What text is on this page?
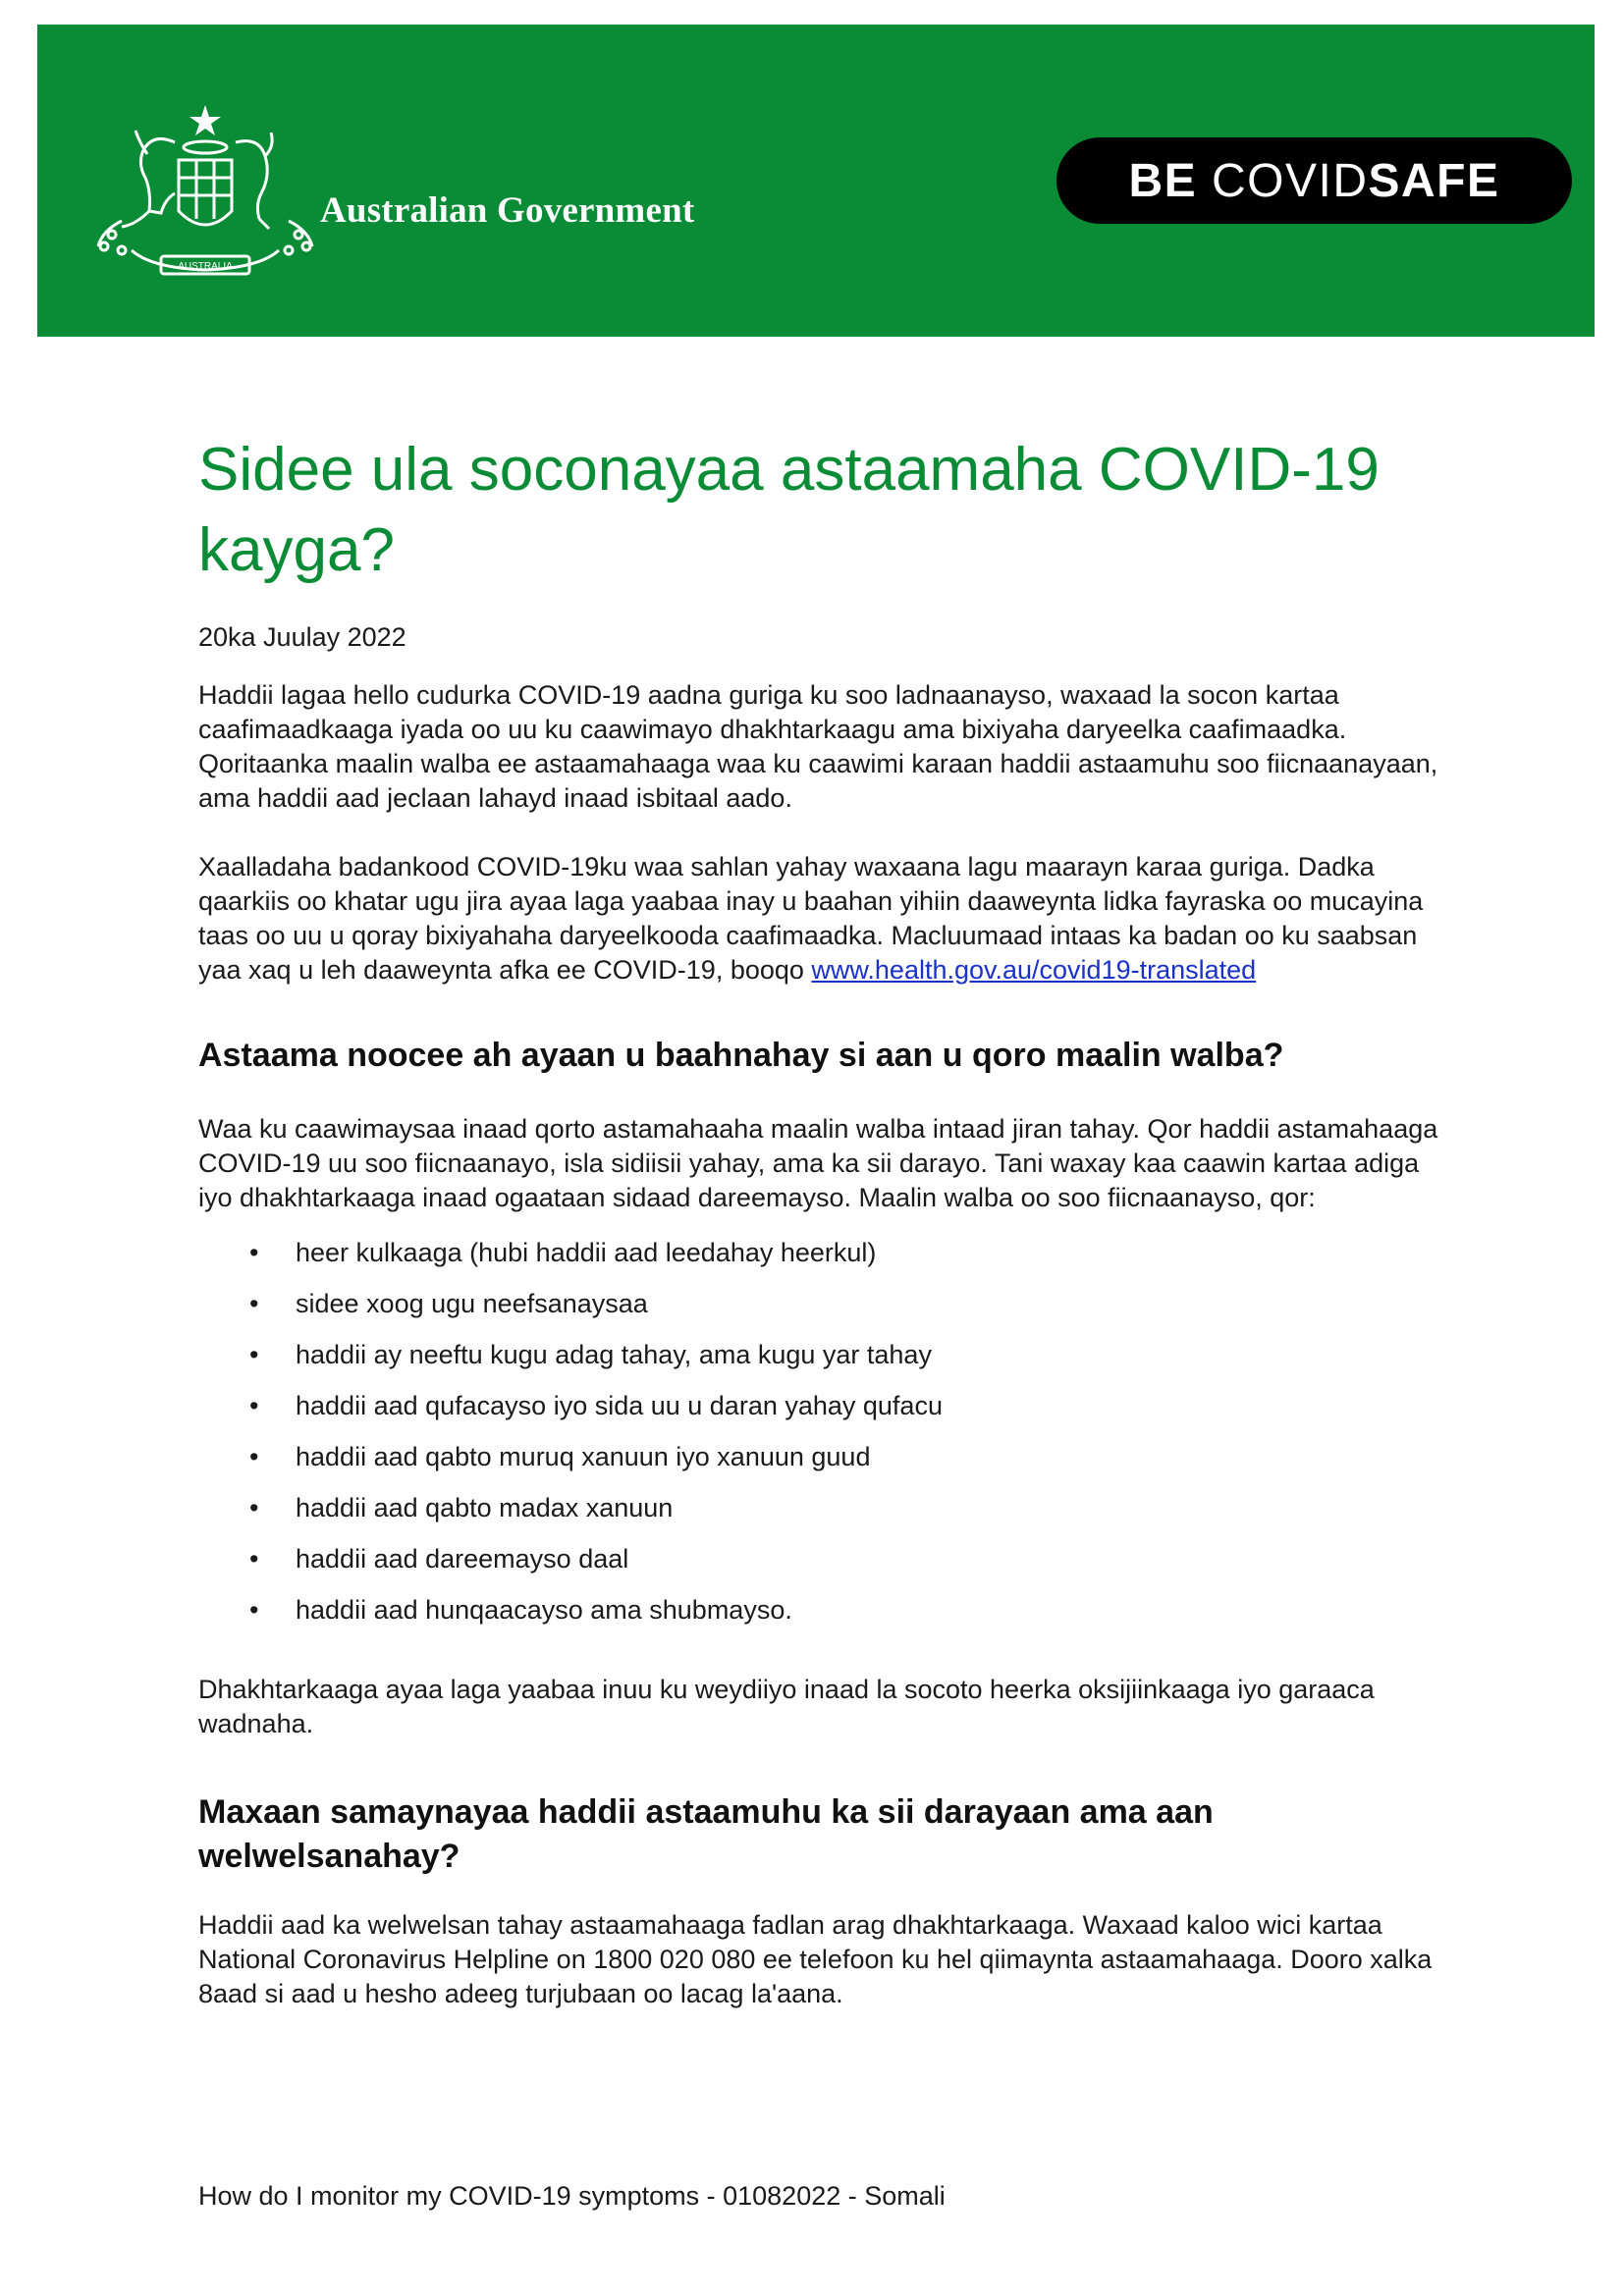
AUSTRALIA
Australian Government
BE COVID SAFE
Sidee ula soconayaa astaamaha COVID-19 kayga?
20ka Juulay 2022

Haddii lagaa hello cudurka COVID-19 aadna guriga ku soo ladnaanayso, waxaad la socon kartaa caafimaadkaaga iyada oo uu ku caawimayo dhakhtarkaagu ama bixiyaha daryeelka caafimaadka. Qoritaanka maalin walba ee astaamahaaga waa ku caawimi karaan haddii astaamuhu soo fiicnaanayaan, ama haddii aad jeclaan lahayd inaad isbitaal aado.

Xaalladaha badankood COVID-19ku waa sahlan yahay waxaana lagu maarayn karaa guriga. Dadka qaarkiis oo khatar ugu jira ayaa laga yaabaa inay u baahan yihiin daaweynta lidka fayraska oo mucayina taas oo uu u qoray bixiyahaha daryeelkooda caafimaadka. Macluumaad intaas ka badan oo ku saabsan yaa xaq u leh daaweynta afka ee COVID-19, booqo www.health.gov.au/covid19-translated

Astaama noocee ah ayaan u baahnahay si aan u qoro maalin walba?

Waa ku caawimaysaa inaad qorto astamahaaha maalin walba intaad jiran tahay. Qor haddii astamahaaga COVID-19 uu soo fiicnaanayo, isla sidiisii yahay, ama ka sii darayo. Tani waxay kaa caawin kartaa adiga iyo dhakhtarkaaga inaad ogaataan sidaad dareemayso. Maalin walba oo soo fiicnaanayso, qor:

• heer kulkaaga (hubi haddii aad leedahay heerkul)
• sidee xoog ugu neefsanaysaa
• haddii ay neeftu kugu adag tahay, ama kugu yar tahay
• haddii aad qufacayso iyo sida uu u daran yahay qufacu
• haddii aad qabto muruq xanuun iyo xanuun guud
• haddii aad qabto madax xanuun
• haddii aad dareemayso daal
• haddii aad hunqaacayso ama shubmayso.

Dhakhtarkaaga ayaa laga yaabaa inuu ku weydiiyo inaad la socoto heerka oksijiinkaaga iyo garaaca wadnaha.

Maxaan samaynayaa haddii astaamuhu ka sii darayaan ama aan welwelsanahay?

Haddii aad ka welwelsan tahay astaamahaaga fadlan arag dhakhtarkaaga. Waxaad kaloo wici kartaa National Coronavirus Helpline on 1800 020 080 ee telefoon ku hel qiimaynta astaamahaaga. Dooro xalka 8aad si aad u hesho adeeg turjubaan oo lacag la'aana.

How do I monitor my COVID-19 symptoms - 01082022 - Somali
